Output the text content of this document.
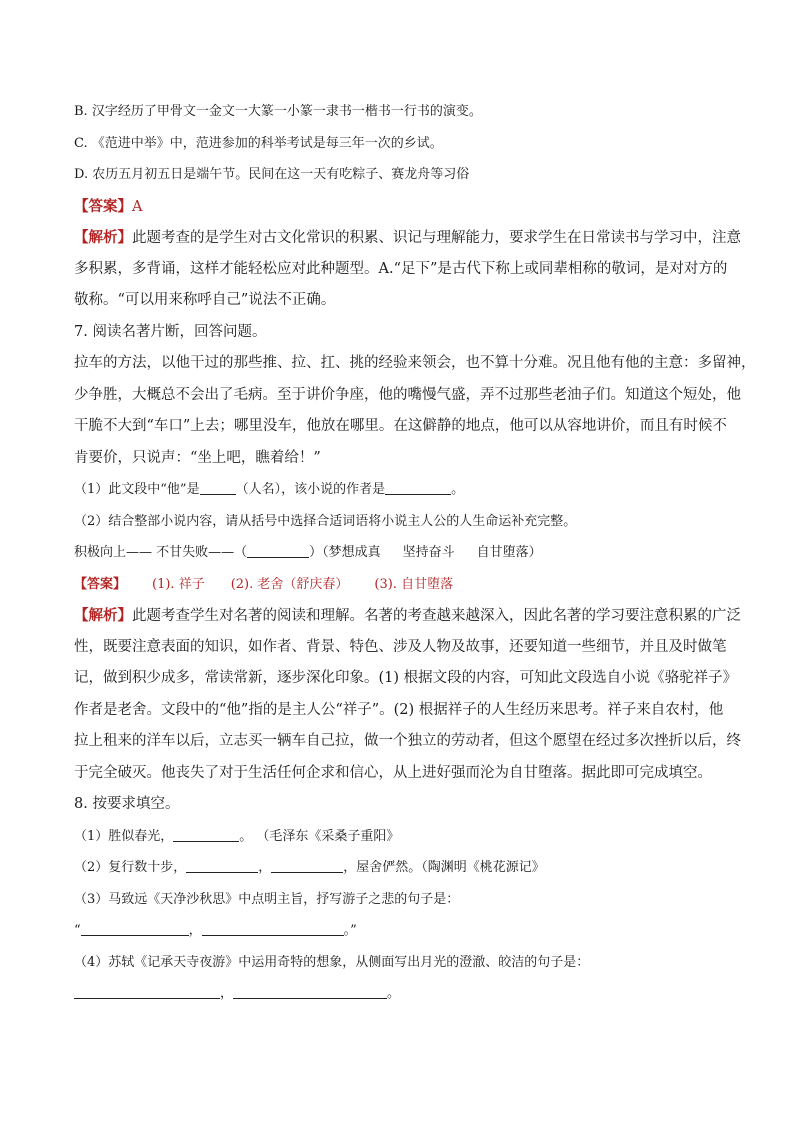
B. 汉字经历了甲骨文一金文一大篆一小篆一隶书一楷书一行书的演变。
C. 《范进中举》中，范进参加的科举考试是每三年一次的乡试。
D. 农历五月初五日是端午节。民间在这一天有吃粽子、赛龙舟等习俗
【答案】A
【解析】此题考查的是学生对古文化常识的积累、识记与理解能力，要求学生在日常读书与学习中，注意
多积累，多背诵，这样才能轻松应对此种题型。A.“足下”是古代下称上或同辈相称的敬词，是对对方的
敬称。“可以用来称呼自己”说法不正确。
7. 阅读名著片断，回答问题。
拉车的方法，以他干过的那些推、拉、扛、挑的经验来领会，也不算十分难。况且他有他的主意：多留神，
少争胜，大概总不会出了毛病。至于讲价争座，他的嘴慢气盛，弄不过那些老油子们。知道这个短处，他
干脆不大到“车口”上去；哪里没车，他放在哪里。在这僻静的地点，他可以从容地讲价，而且有时候不
肯要价，只说声：“坐上吧，瞧着给！”
（1）此文段中“他”是	（人名），该小说的作者是	。
（2）结合整部小说内容，请从括号中选择合适词语将小说主人公的人生命运补充完整。
积极向上—— 不甘失败——（	）（梦想成真 坚持奋斗 自甘堕落）
【答案】 (1). 祥子 (2). 老舍（舒庆春） (3). 自甘堕落
【解析】此题考查学生对名著的阅读和理解。名著的考查越来越深入，因此名著的学习要注意积累的广泛
性，既要注意表面的知识，如作者、背景、特色、涉及人物及故事，还要知道一些细节，并且及时做笔
记，做到积少成多，常读常新，逐步深化印象。(1) 根据文段的内容，可知此文段选自小说《骆驼祥子》
作者是老舍。文段中的“他”指的是主人公“祥子”。(2) 根据祥子的人生经历来思考。祥子来自农村，他
拉上租来的洋车以后，立志买一辆车自己拉，做一个独立的劳动者，但这个愿望在经过多次挫折以后，终
于完全破灭。他丧失了对于生活任何企求和信心，从上进好强而沦为自甘堕落。据此即可完成填空。
8. 按要求填空。
（1）胜似春光，	。 （毛泽东《采桑子重阳》
（2）复行数十步，	，	，屋舍俨然。（陶渊明《桃花源记》
（3）马致远《天净沙秋思》中点明主旨，抒写游子之悲的句子是：
“	，	。”
（4）苏轼《记承天寺夜游》中运用奇特的想象，从侧面写出月光的澄澈、皎洁的句子是：
，	。
